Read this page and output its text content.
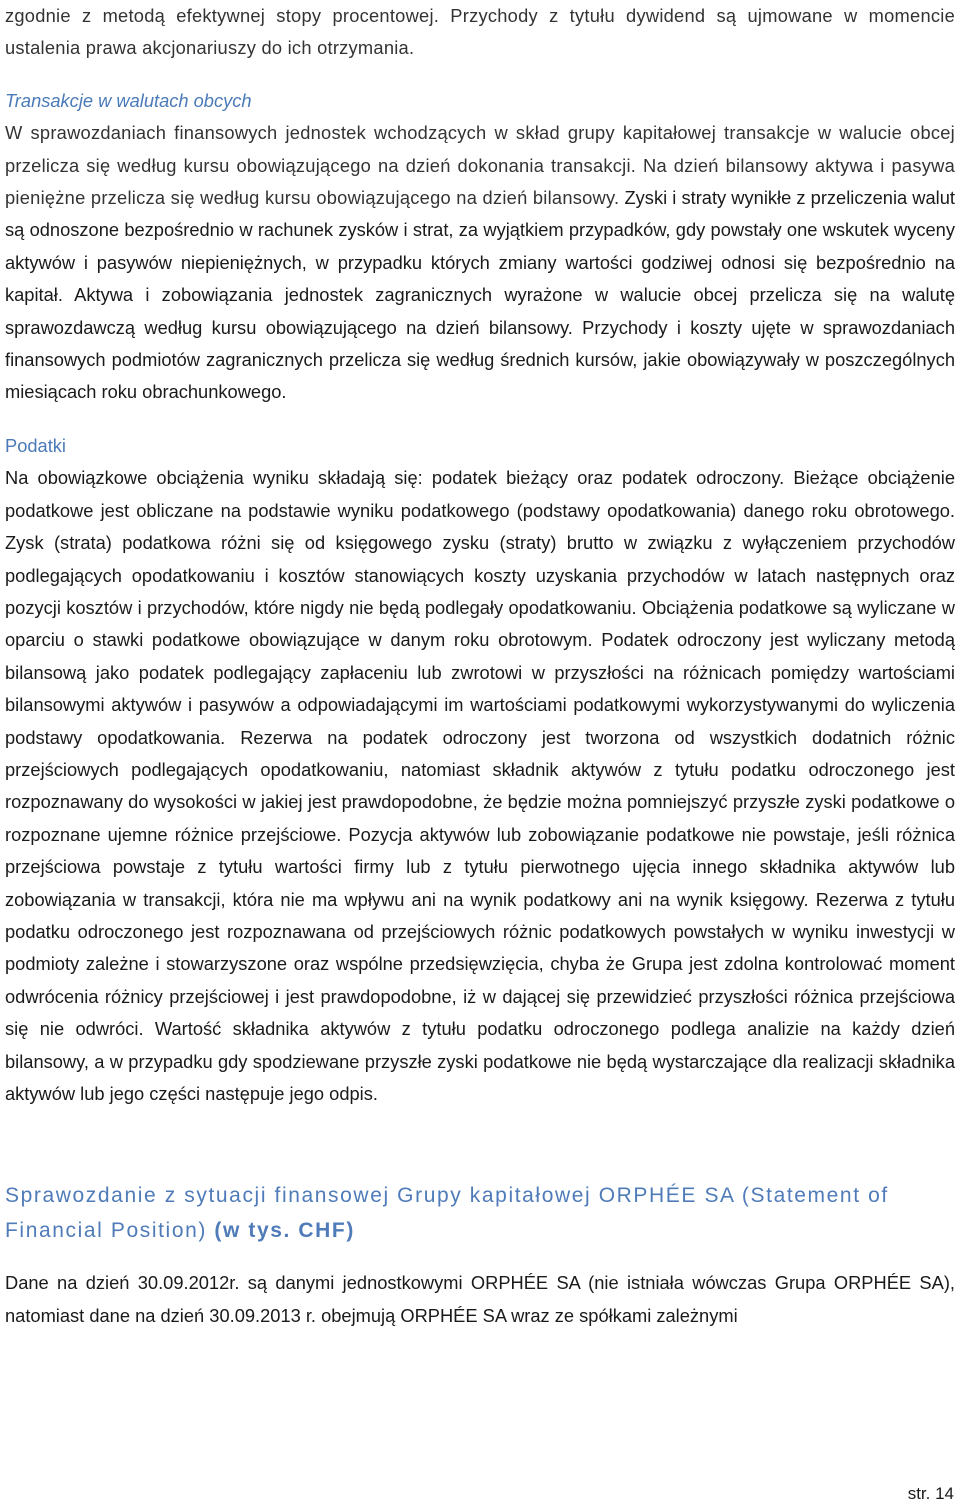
zgodnie z metodą efektywnej stopy procentowej. Przychody z tytułu dywidend są ujmowane w momencie ustalenia prawa akcjonariuszy do ich otrzymania.

Transakcje w walutach obcych

W sprawozdaniach finansowych jednostek wchodzących w skład grupy kapitałowej transakcje w walucie obcej przelicza się według kursu obowiązującego na dzień dokonania transakcji. Na dzień bilansowy aktywa i pasywa pieniężne przelicza się według kursu obowiązującego na dzień bilansowy. Zyski i straty wynikłe z przeliczenia walut są odnoszone bezpośrednio w rachunek zysków i strat, za wyjątkiem przypadków, gdy powstały one wskutek wyceny aktywów i pasywów niepieniężnych, w przypadku których zmiany wartości godziwej odnosi się bezpośrednio na kapitał. Aktywa i zobowiązania jednostek zagranicznych wyrażone w walucie obcej przelicza się na walutę sprawozdawczą według kursu obowiązującego na dzień bilansowy. Przychody i koszty ujęte w sprawozdaniach finansowych podmiotów zagranicznych przelicza się według średnich kursów, jakie obowiązywały w poszczególnych miesiącach roku obrachunkowego.

Podatki

Na obowiązkowe obciążenia wyniku składają się: podatek bieżący oraz podatek odroczony. Bieżące obciążenie podatkowe jest obliczane na podstawie wyniku podatkowego (podstawy opodatkowania) danego roku obrotowego. Zysk (strata) podatkowa różni się od księgowego zysku (straty) brutto w związku z wyłączeniem przychodów podlegających opodatkowaniu i kosztów stanowiących koszty uzyskania przychodów w latach następnych oraz pozycji kosztów i przychodów, które nigdy nie będą podlegały opodatkowaniu. Obciążenia podatkowe są wyliczane w oparciu o stawki podatkowe obowiązujące w danym roku obrotowym. Podatek odroczony jest wyliczany metodą bilansową jako podatek podlegający zapłaceniu lub zwrotowi w przyszłości na różnicach pomiędzy wartościami bilansowymi aktywów i pasywów a odpowiadającymi im wartościami podatkowymi wykorzystywanymi do wyliczenia podstawy opodatkowania. Rezerwa na podatek odroczony jest tworzona od wszystkich dodatnich różnic przejściowych podlegających opodatkowaniu, natomiast składnik aktywów z tytułu podatku odroczonego jest rozpoznawany do wysokości w jakiej jest prawdopodobne, że będzie można pomniejszyć przyszłe zyski podatkowe o rozpoznane ujemne różnice przejściowe. Pozycja aktywów lub zobowiązanie podatkowe nie powstaje, jeśli różnica przejściowa powstaje z tytułu wartości firmy lub z tytułu pierwotnego ujęcia innego składnika aktywów lub zobowiązania w transakcji, która nie ma wpływu ani na wynik podatkowy ani na wynik księgowy. Rezerwa z tytułu podatku odroczonego jest rozpoznawana od przejściowych różnic podatkowych powstałych w wyniku inwestycji w podmioty zależne i stowarzyszone oraz wspólne przedsięwzięcia, chyba że Grupa jest zdolna kontrolować moment odwrócenia różnicy przejściowej i jest prawdopodobne, iż w dającej się przewidzieć przyszłości różnica przejściowa się nie odwróci. Wartość składnika aktywów z tytułu podatku odroczonego podlega analizie na każdy dzień bilansowy, a w przypadku gdy spodziewane przyszłe zyski podatkowe nie będą wystarczające dla realizacji składnika aktywów lub jego części następuje jego odpis.

Sprawozdanie z sytuacji finansowej Grupy kapitałowej ORPHÉE SA (Statement of Financial Position) (w tys. CHF)

Dane na dzień 30.09.2012r. są danymi jednostkowymi ORPHÉE SA (nie istniała wówczas Grupa ORPHÉE SA), natomiast dane na dzień 30.09.2013 r. obejmują ORPHÉE SA wraz ze spółkami zależnymi

str. 14
